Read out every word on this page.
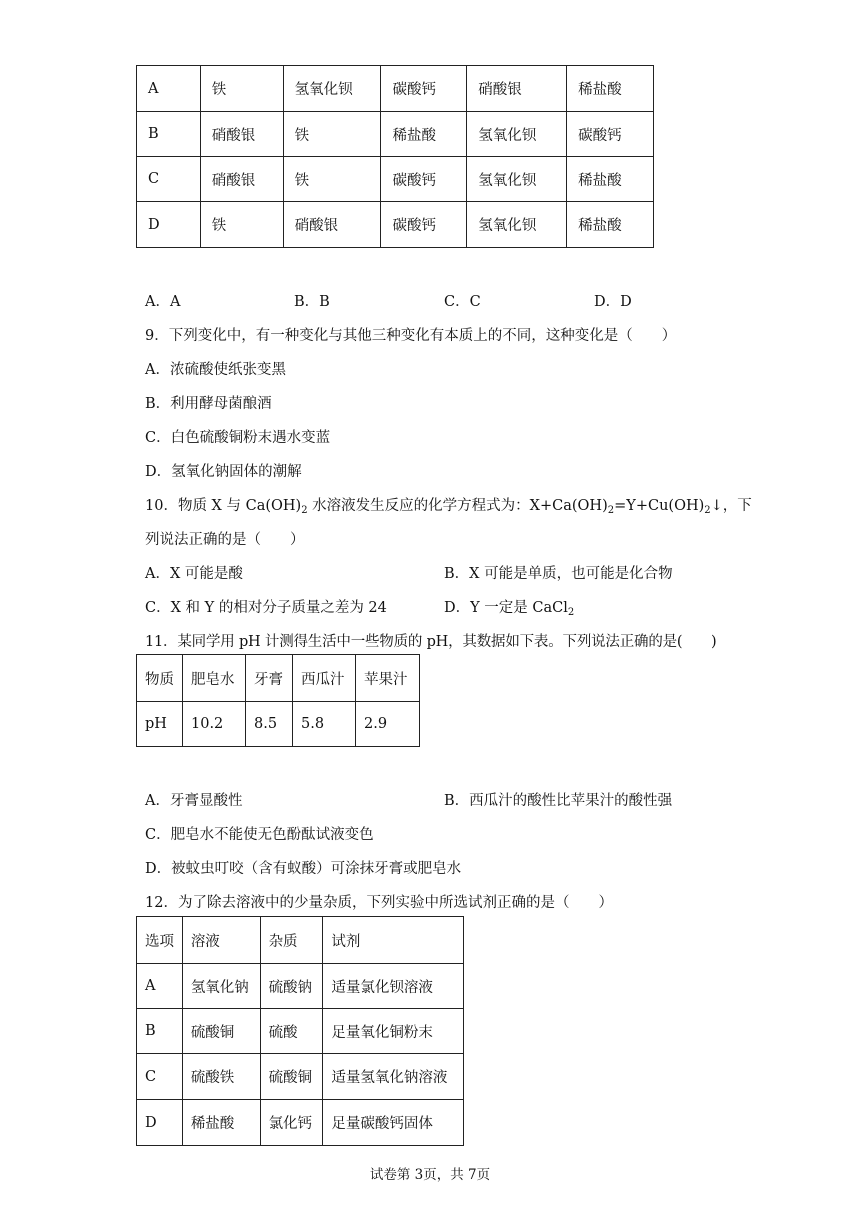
A	铁	氢氧化钡	碳酸钙	硝酸银	稀盐酸
B	硝酸银	铁	稀盐酸	氢氧化钡	碳酸钙
C	硝酸银	铁	碳酸钙	氢氧化钡	稀盐酸
D	铁	硝酸银	碳酸钙	氢氧化钡	稀盐酸
A．A	B．B	C．C	D．D
9．下列变化中，有一种变化与其他三种变化有本质上的不同，这种变化是（　　）
A．浓硫酸使纸张变黑
B．利用酵母菌酿酒
C．白色硫酸铜粉末遇水变蓝
D．氢氧化钠固体的潮解
10．物质 X 与 $Ca(OH)_2$ 水溶液发生反应的化学方程式为：$X+Ca(OH)_2=Y+Cu(OH)_2↓$，下
列说法正确的是（　　）
A．X 可能是酸	B．X 可能是单质，也可能是化合物
C．X 和 Y 的相对分子质量之差为 24	D．Y 一定是 CaCl$_2$
11．某同学用 pH 计测得生活中一些物质的 pH，其数据如下表。下列说法正确的是(　　)
物质	肥皂水	牙膏	西瓜汁	苹果汁
pH	10.2	8.5	5.8	2.9
A．牙膏显酸性	B．西瓜汁的酸性比苹果汁的酸性强
C．肥皂水不能使无色酚酞试液变色
D．被蚊虫叮咬（含有蚁酸）可涂抹牙膏或肥皂水
12．为了除去溶液中的少量杂质，下列实验中所选试剂正确的是（　　）
选项	溶液	杂质	试剂
A	氢氧化钠	硫酸钠	适量氯化钡溶液
B	硫酸铜	硫酸	足量氧化铜粉末
C	硫酸铁	硫酸铜	适量氢氧化钠溶液
D	稀盐酸	氯化钙	足量碳酸钙固体
试卷第 3页，共 7页
